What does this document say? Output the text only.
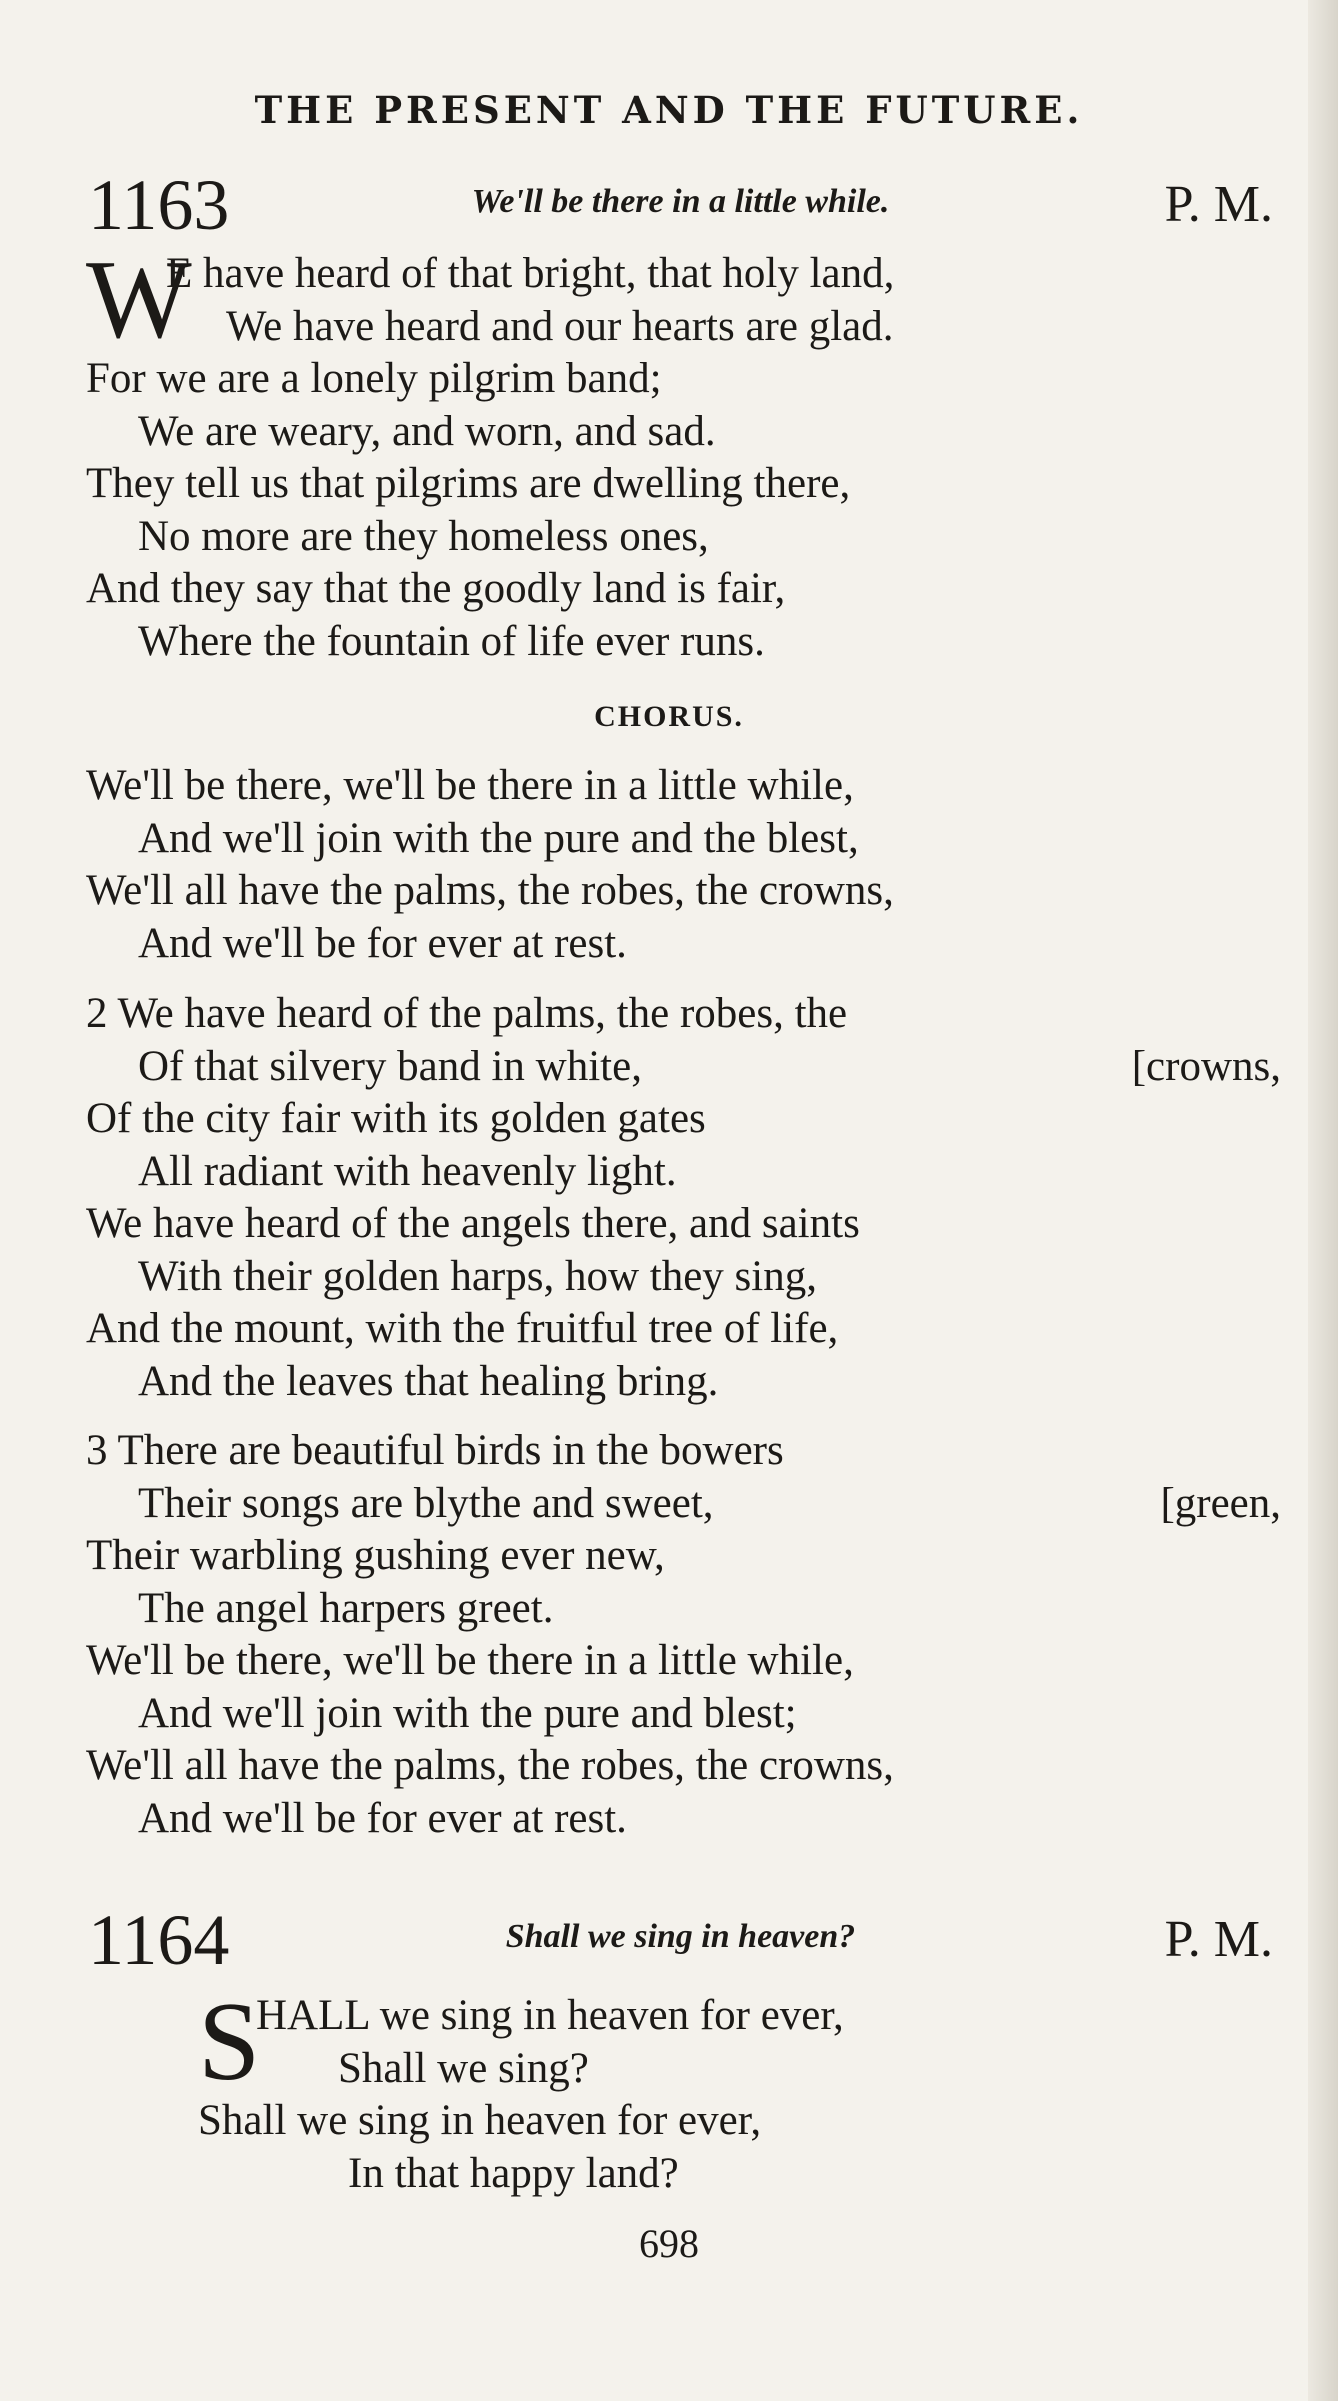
THE PRESENT AND THE FUTURE.
1163	We'll be there in a little while.	P. M.
W
E have heard of that bright, that holy land,
We have heard and our hearts are glad.
For we are a lonely pilgrim band;
We are weary, and worn, and sad.
They tell us that pilgrims are dwelling there,
No more are they homeless ones,
And they say that the goodly land is fair,
Where the fountain of life ever runs.
CHORUS.
We'll be there, we'll be there in a little while,
And we'll join with the pure and the blest,
We'll all have the palms, the robes, the crowns,
And we'll be for ever at rest.
2 We have heard of the palms, the robes, the
Of that silvery band in white,	[crowns,
Of the city fair with its golden gates
All radiant with heavenly light.
We have heard of the angels there, and saints
With their golden harps, how they sing,
And the mount, with the fruitful tree of life,
And the leaves that healing bring.
3 There are beautiful birds in the bowers
Their songs are blythe and sweet,	[green,
Their warbling gushing ever new,
The angel harpers greet.
We'll be there, we'll be there in a little while,
And we'll join with the pure and blest;
We'll all have the palms, the robes, the crowns,
And we'll be for ever at rest.
1164	Shall we sing in heaven?	P. M.
S
HALL we sing in heaven for ever,
Shall we sing?
Shall we sing in heaven for ever,
In that happy land?
698
